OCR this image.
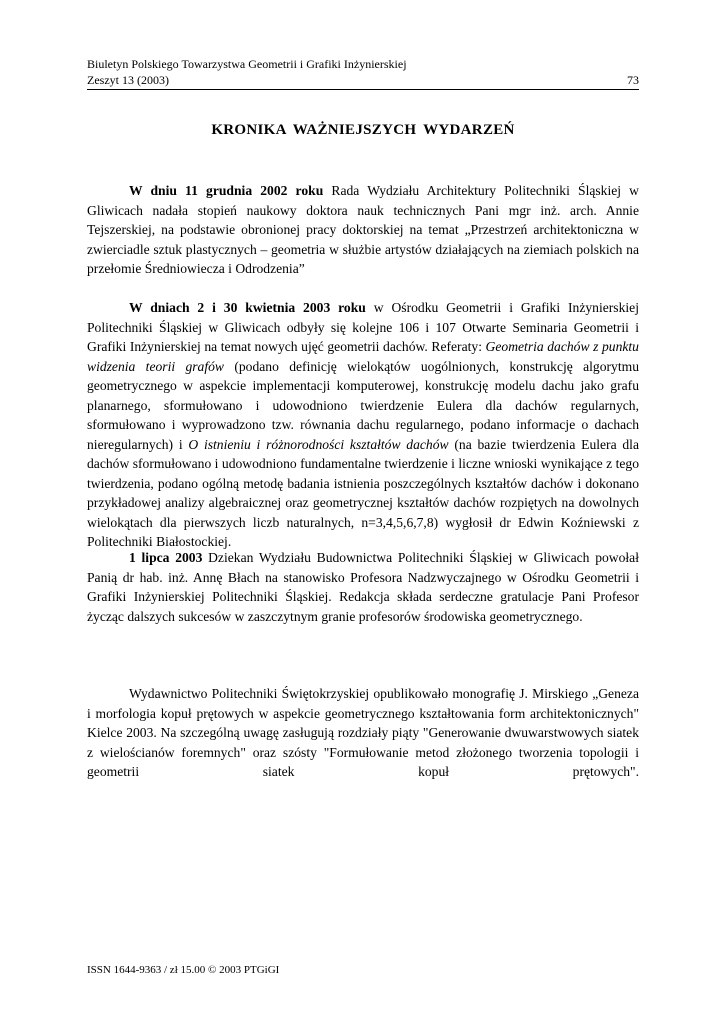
Biuletyn Polskiego Towarzystwa Geometrii i Grafiki Inżynierskiej
Zeszyt 13 (2003)	73
KRONIKA WAŻNIEJSZYCH WYDARZEŃ

W dniu 11 grudnia 2002 roku Rada Wydziału Architektury Politechniki Śląskiej w Gliwicach nadała stopień naukowy doktora nauk technicznych Pani mgr inż. arch. Annie Tejszerskiej, na podstawie obronionej pracy doktorskiej na temat „Przestrzeń architektoniczna w zwierciadle sztuk plastycznych – geometria w służbie artystów działających na ziemiach polskich na przełomie Średniowiecza i Odrodzenia”

W dniach 2 i 30 kwietnia 2003 roku w Ośrodku Geometrii i Grafiki Inżynierskiej Politechniki Śląskiej w Gliwicach odbyły się kolejne 106 i 107 Otwarte Seminaria Geometrii i Grafiki Inżynierskiej na temat nowych ujęć geometrii dachów. Referaty: Geometria dachów z punktu widzenia teorii grafów (podano definicję wielokątów uogólnionych, konstrukcję algorytmu geometrycznego w aspekcie implementacji komputerowej, konstrukcję modelu dachu jako grafu planarnego, sformułowano i udowodniono twierdzenie Eulera dla dachów regularnych, sformułowano i wyprowadzono tzw. równania dachu regularnego, podano informacje o dachach nieregularnych) i O istnieniu i różnorodności kształtów dachów (na bazie twierdzenia Eulera dla dachów sformułowano i udowodniono fundamentalne twierdzenie i liczne wnioski wynikające z tego twierdzenia, podano ogólną metodę badania istnienia poszczególnych kształtów dachów i dokonano przykładowej analizy algebraicznej oraz geometrycznej kształtów dachów rozpiętych na dowolnych wielokątach dla pierwszych liczb naturalnych, n=3,4,5,6,7,8) wygłosił dr Edwin Koźniewski z Politechniki Białostockiej.

1 lipca 2003 Dziekan Wydziału Budownictwa Politechniki Śląskiej w Gliwicach powołał Panią dr hab. inż. Annę Błach na stanowisko Profesora Nadzwyczajnego w Ośrodku Geometrii i Grafiki Inżynierskiej Politechniki Śląskiej. Redakcja składa serdeczne gratulacje Pani Profesor życząc dalszych sukcesów w zaszczytnym granie profesorów środowiska geometrycznego.

Wydawnictwo Politechniki Świętokrzyskiej opublikowało monografię J. Mirskiego „Geneza i morfologia kopuł prętowych w aspekcie geometrycznego kształtowania form architektonicznych" Kielce 2003. Na szczególną uwagę zasługują rozdziały piąty "Generowanie dwuwarstwowych siatek z wielościanów foremnych" oraz szósty "Formułowanie metod złożonego tworzenia topologii i geometrii siatek kopuł prętowych".

ISSN 1644-9363 / zł 15.00 © 2003 PTGiGI
